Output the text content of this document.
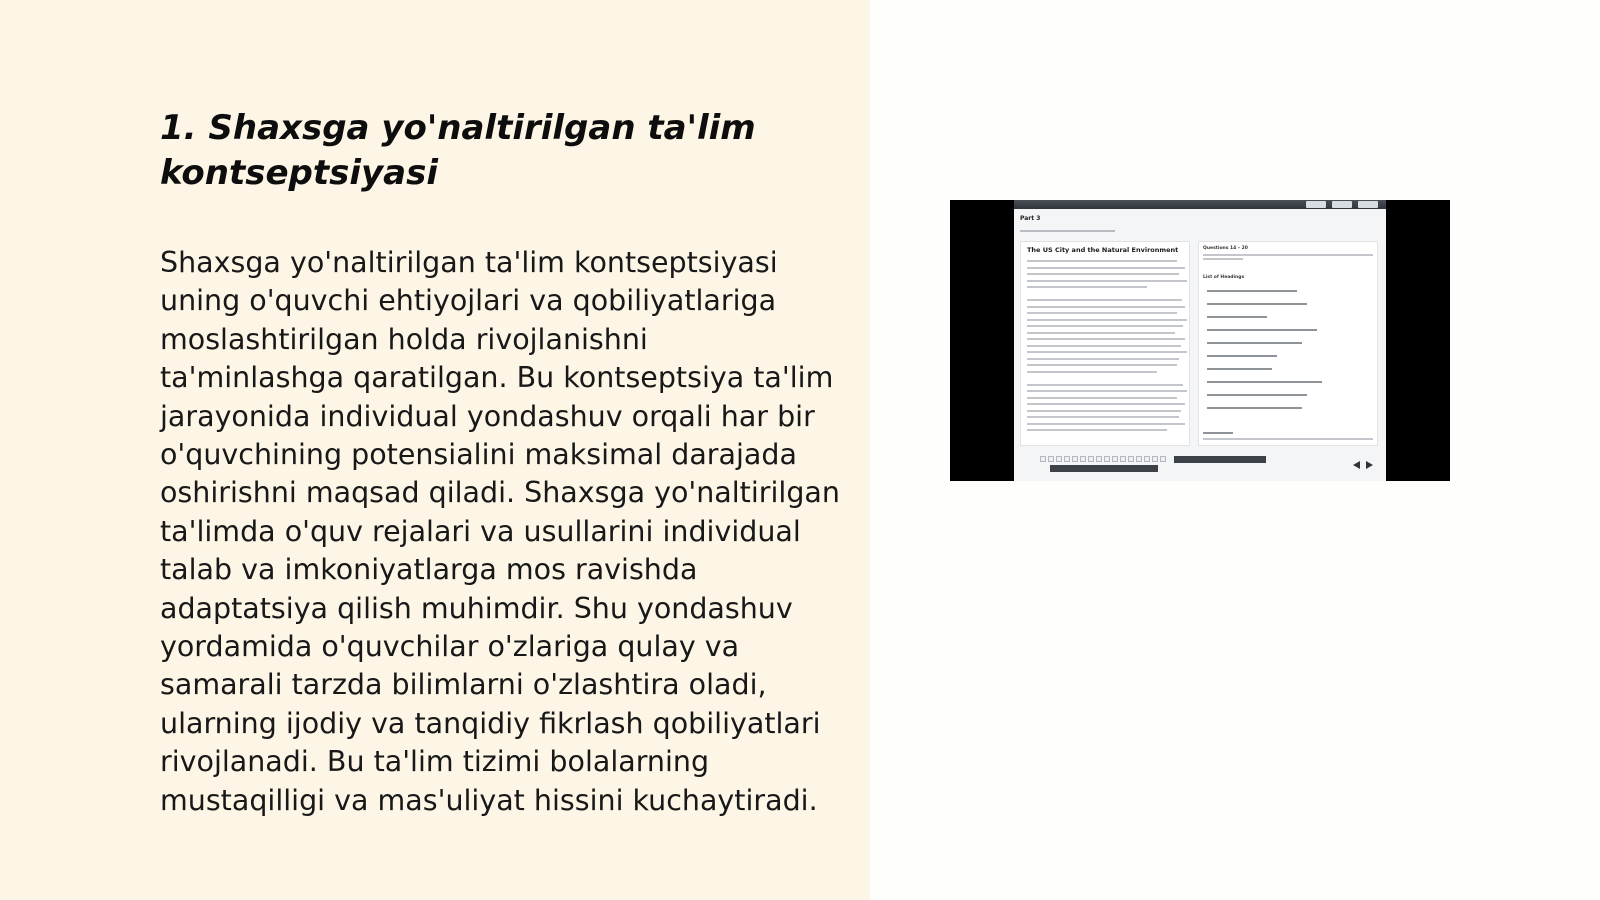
1. Shaxsga yo'naltirilgan ta'lim kontseptsiyasi

Shaxsga yo'naltirilgan ta'lim kontseptsiyasi uning o'quvchi ehtiyojlari va qobiliyatlariga moslashtirilgan holda rivojlanishni ta'minlashga qaratilgan. Bu kontseptsiya ta'lim jarayonida individual yondashuv orqali har bir o'quvchining potensialini maksimal darajada oshirishni maqsad qiladi. Shaxsga yo'naltirilgan ta'limda o'quv rejalari va usullarini individual talab va imkoniyatlarga mos ravishda adaptatsiya qilish muhimdir. Shu yondashuv yordamida o'quvchilar o'zlariga qulay va samarali tarzda bilimlarni o'zlashtira oladi, ularning ijodiy va tanqidiy fikrlash qobiliyatlari rivojlanadi. Bu ta'lim tizimi bolalarning mustaqilligi va mas'uliyat hissini kuchaytiradi.

Part 3
The US City and the Natural Environment	Questions 14 – 20
List of Headings
